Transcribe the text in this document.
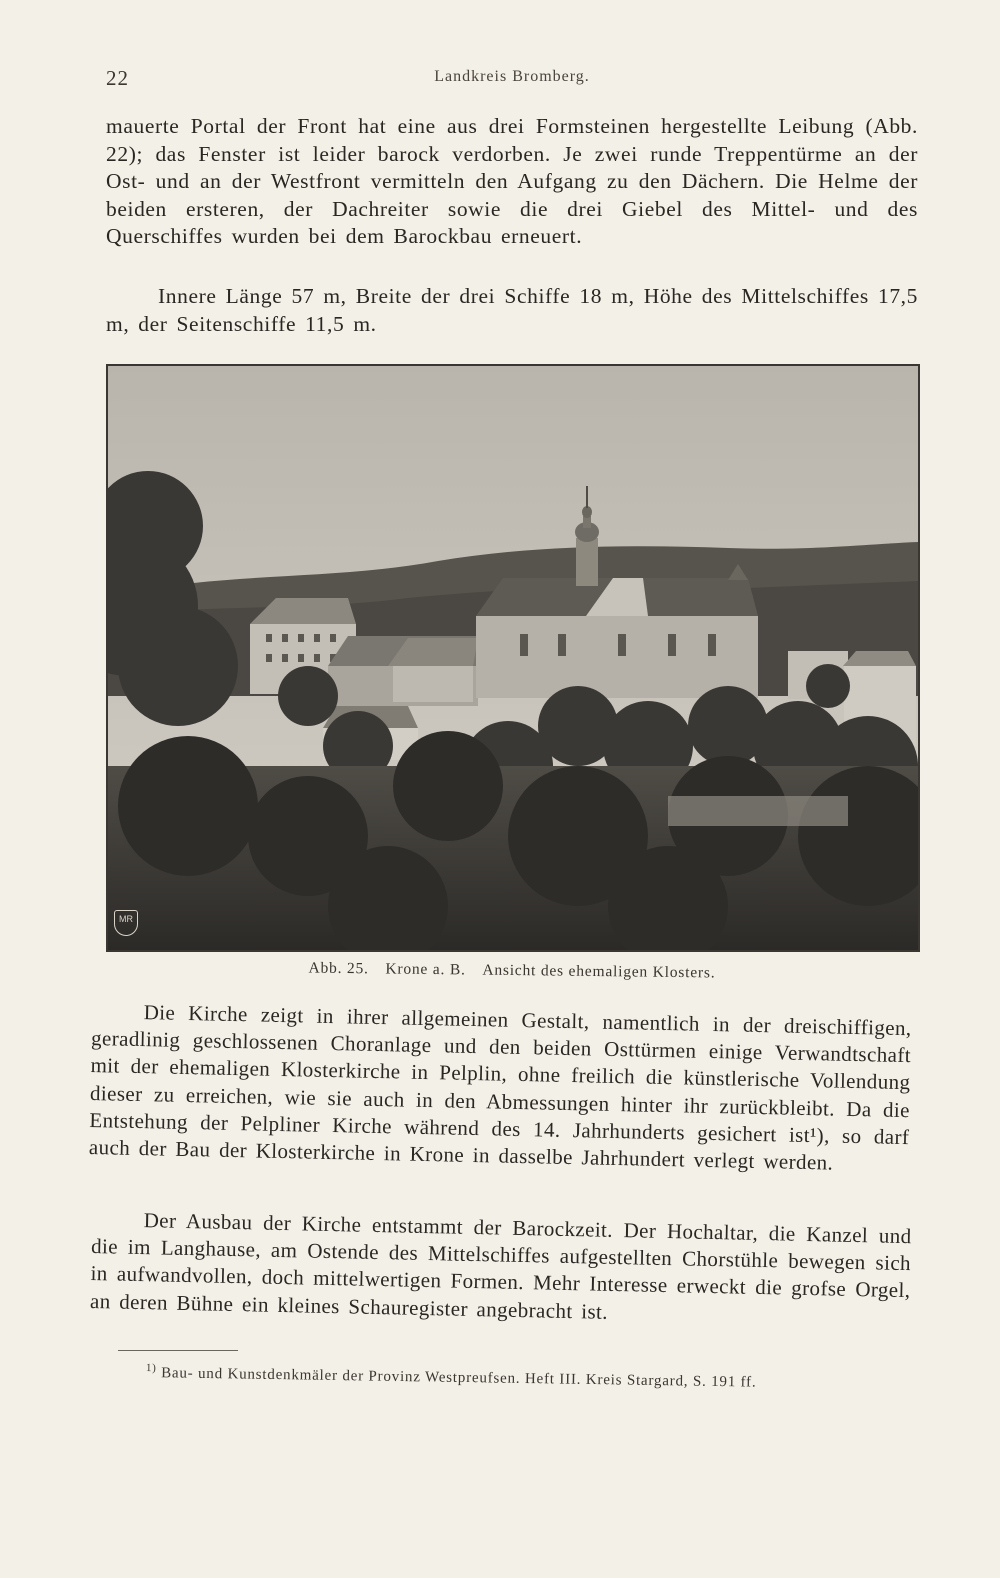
22	Landkreis Bromberg.

mauerte Portal der Front hat eine aus drei Formsteinen hergestellte Leibung (Abb. 22); das Fenster ist leider barock verdorben. Je zwei runde Treppentürme an der Ost- und an der Westfront vermitteln den Aufgang zu den Dächern. Die Helme der beiden ersteren, der Dachreiter sowie die drei Giebel des Mittel- und des Querschiffes wurden bei dem Barockbau erneuert.

Innere Länge 57 m, Breite der drei Schiffe 18 m, Höhe des Mittelschiffes 17,5 m, der Seitenschiffe 11,5 m.

MR
Abb. 25. Krone a. B. Ansicht des ehemaligen Klosters.

Die Kirche zeigt in ihrer allgemeinen Gestalt, namentlich in der dreischiffigen, geradlinig geschlossenen Choranlage und den beiden Osttürmen einige Verwandtschaft mit der ehemaligen Klosterkirche in Pelplin, ohne freilich die künstlerische Vollendung dieser zu erreichen, wie sie auch in den Abmessungen hinter ihr zurückbleibt. Da die Entstehung der Pelpliner Kirche während des 14. Jahrhunderts gesichert ist¹), so darf auch der Bau der Klosterkirche in Krone in dasselbe Jahrhundert verlegt werden.

Der Ausbau der Kirche entstammt der Barockzeit. Der Hochaltar, die Kanzel und die im Langhause, am Ostende des Mittelschiffes aufgestellten Chorstühle bewegen sich in aufwandvollen, doch mittelwertigen Formen. Mehr Interesse erweckt die grofse Orgel, an deren Bühne ein kleines Schauregister angebracht ist.

$^{1)}$ Bau- und Kunstdenkmäler der Provinz Westpreufsen. Heft III. Kreis Stargard, S. 191 ff.
